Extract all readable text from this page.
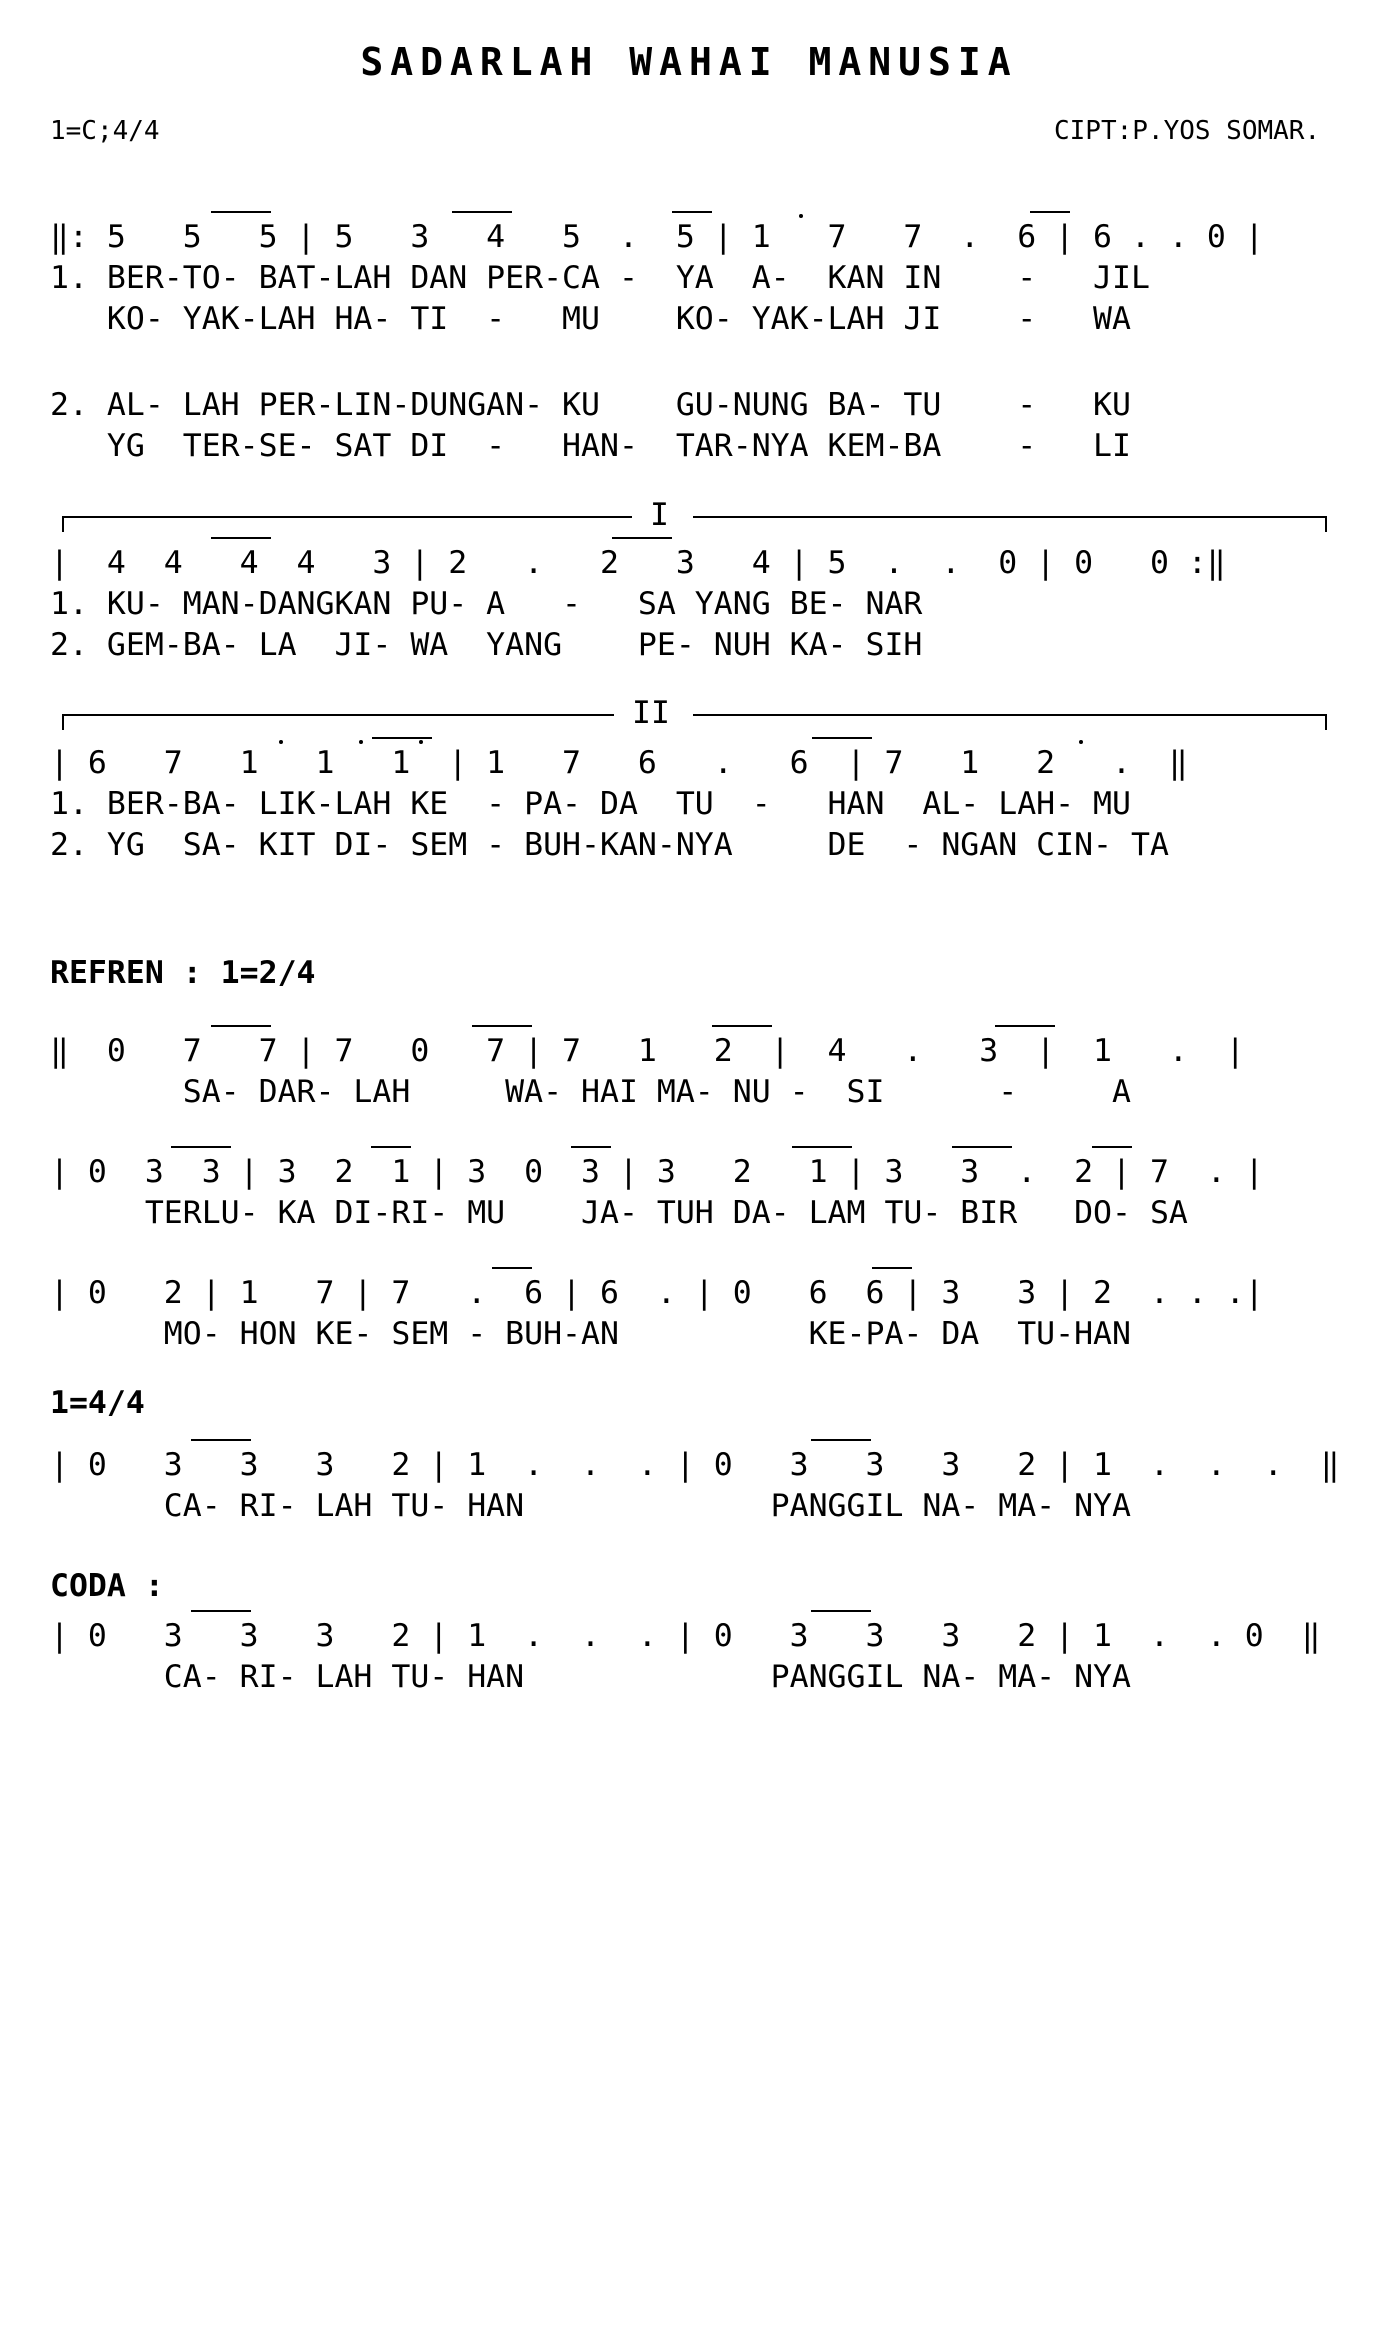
SADARLAH WAHAI MANUSIA
1=C;4/4	CIPT:P.YOS SOMAR.
‖: 5   5   5 | 5   3   4   5  .  5 | 1   7   7  .  6 | 6 . . 0 |
1. BER-TO- BAT-LAH DAN PER-CA -  YA  A-  KAN IN    -   JIL
KO- YAK-LAH HA- TI  -   MU    KO- YAK-LAH JI    -   WA
2. AL- LAH PER-LIN-DUNGAN- KU    GU-NUNG BA- TU    -   KU
YG  TER-SE- SAT DI  -   HAN-  TAR-NYA KEM-BA    -   LI
I
|  4  4   4  4   3 | 2   .   2   3   4 | 5  .  .  0 | 0   0 :‖
1. KU- MAN-DANGKAN PU- A   -   SA YANG BE- NAR
2. GEM-BA- LA  JI- WA  YANG    PE- NUH KA- SIH
II
| 6   7   1   1   1  | 1   7   6   .   6  | 7   1   2   .  ‖
1. BER-BA- LIK-LAH KE  - PA- DA  TU  -   HAN  AL- LAH- MU
2. YG  SA- KIT DI- SEM - BUH-KAN-NYA     DE  - NGAN CIN- TA
REFREN : 1=2/4
‖  0   7   7 | 7   0   7 | 7   1   2  |  4   .   3  |  1   .  |
SA- DAR- LAH     WA- HAI MA- NU -  SI      -     A
| 0  3  3 | 3  2  1 | 3  0  3 | 3   2   1 | 3   3  .  2 | 7  . |
TERLU- KA DI-RI- MU    JA- TUH DA- LAM TU- BIR   DO- SA
| 0   2 | 1   7 | 7   .  6 | 6  . | 0   6  6 | 3   3 | 2  . . .|
MO- HON KE- SEM - BUH-AN          KE-PA- DA  TU-HAN
1=4/4
| 0   3   3   3   2 | 1  .  .  . | 0   3   3   3   2 | 1  .  .  .  ‖
CA- RI- LAH TU- HAN             PANGGIL NA- MA- NYA
CODA :
| 0   3   3   3   2 | 1  .  .  . | 0   3   3   3   2 | 1  .  . 0  ‖
CA- RI- LAH TU- HAN             PANGGIL NA- MA- NYA
